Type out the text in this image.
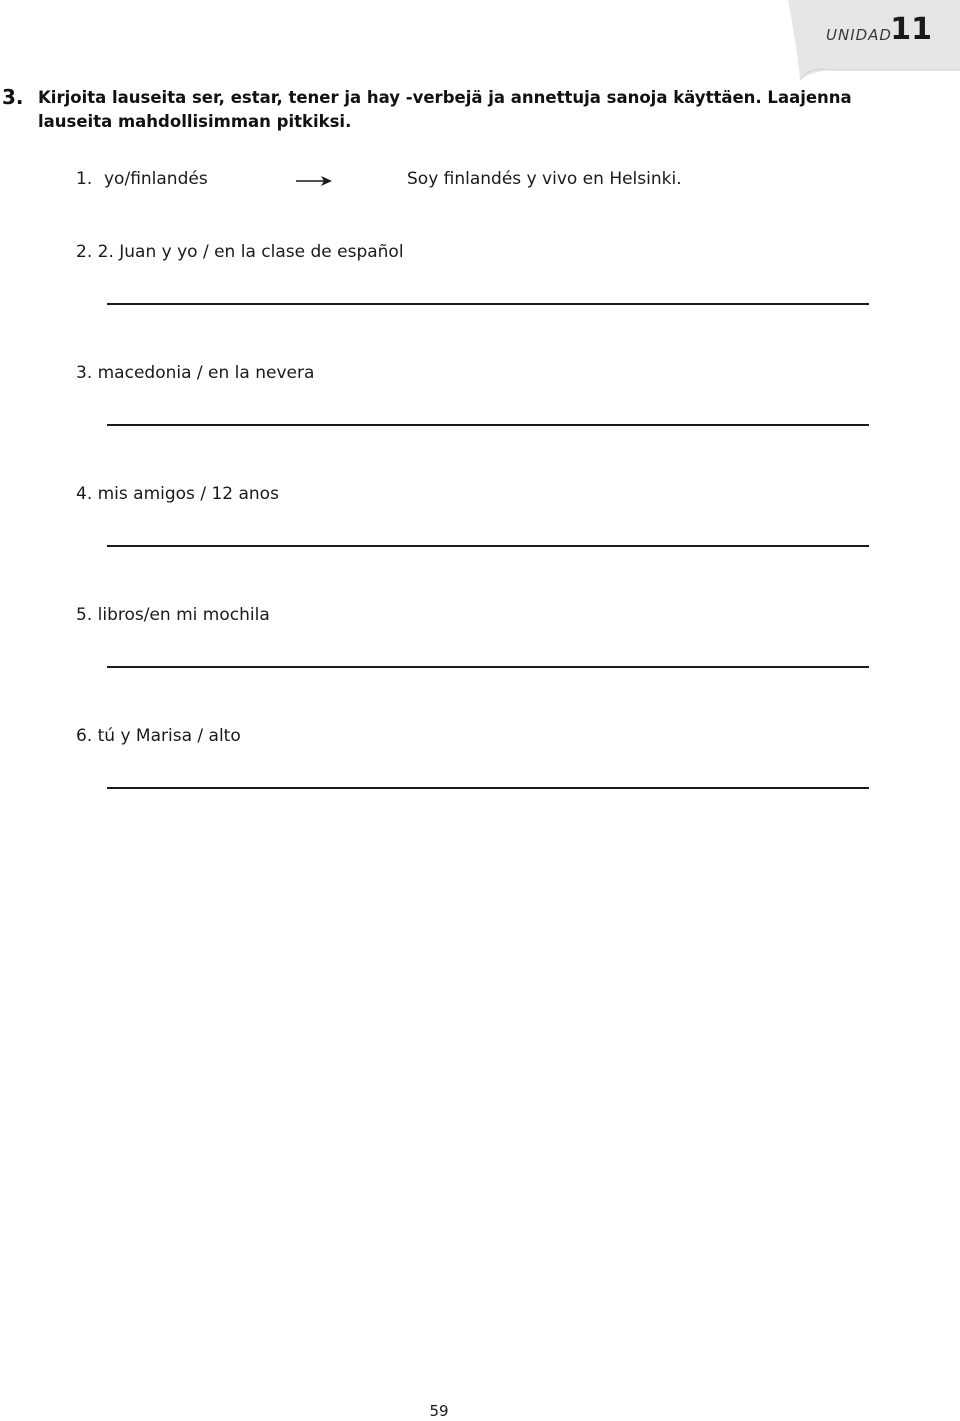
UNIDAD
11
3. Kirjoita lauseita ser, estar, tener ja hay -verbejä ja annettuja sanoja käyttäen. Laajenna lauseita mahdollisimman pitkiksi.
1. yo/finlandés	Soy finlandés y vivo en Helsinki.
2. 2. Juan y yo / en la clase de español
3. macedonia / en la nevera
4. mis amigos / 12 anos
5. libros/en mi mochila
6. tú y Marisa / alto
59
